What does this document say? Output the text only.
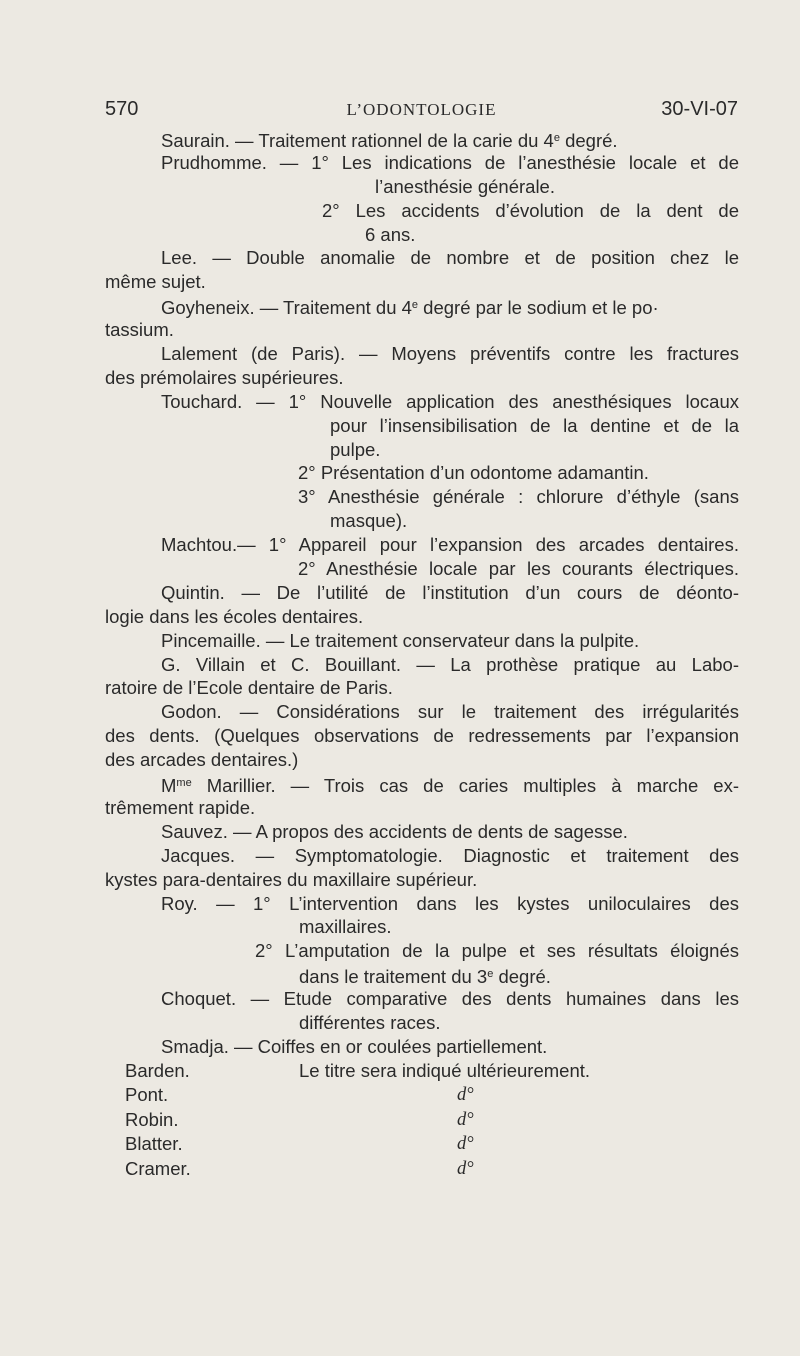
570	L’ODONTOLOGIE	30-VI-07
Saurain. — Traitement rationnel de la carie du 4e degré.
Prudhomme. — 1° Les indications de l’anesthésie locale et de
l’anesthésie générale.
2° Les accidents d’évolution de la dent de
6 ans.
Lee. — Double anomalie de nombre et de position chez le
même sujet.
Goyheneix. — Traitement du 4e degré par le sodium et le po·
tassium.
Lalement (de Paris). — Moyens préventifs contre les fractures
des prémolaires supérieures.
Touchard. — 1° Nouvelle application des anesthésiques locaux
pour l’insensibilisation de la dentine et de la
pulpe.
2° Présentation d’un odontome adamantin.
3° Anesthésie générale : chlorure d’éthyle (sans
masque).
Machtou.— 1° Appareil pour l’expansion des arcades dentaires.
2° Anesthésie locale par les courants électriques.
Quintin. — De l’utilité de l’institution d’un cours de déonto-
logie dans les écoles dentaires.
Pincemaille. — Le traitement conservateur dans la pulpite.
G. Villain et C. Bouillant. — La prothèse pratique au Labo-
ratoire de l’Ecole dentaire de Paris.
Godon. — Considérations sur le traitement des irrégularités
des dents. (Quelques observations de redressements par l’expansion
des arcades dentaires.)
$M^{me}$ Marillier. — Trois cas de caries multiples à marche ex-
trêmement rapide.
Sauvez. — A propos des accidents de dents de sagesse.
Jacques. — Symptomatologie. Diagnostic et traitement des
kystes para-dentaires du maxillaire supérieur.
Roy. — 1° L’intervention dans les kystes uniloculaires des
maxillaires.
2° L’amputation de la pulpe et ses résultats éloignés
dans le traitement du 3e degré.
Choquet. — Etude comparative des dents humaines dans les
différentes races.
Smadja. — Coiffes en or coulées partiellement.
Barden.	Le titre sera indiqué ultérieurement.
Pont.	d°
Robin.	d°
Blatter.	d°
Cramer.	d°
